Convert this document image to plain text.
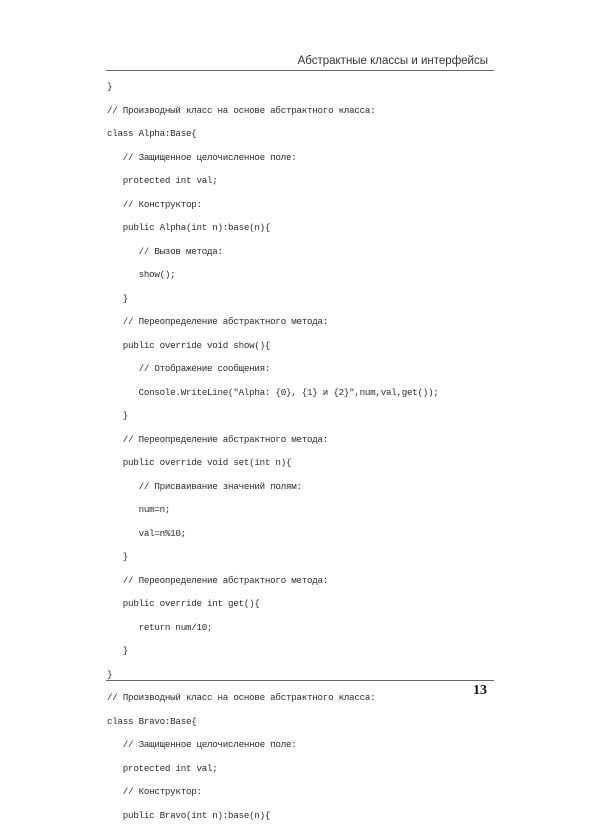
Абстрактные классы и интерфейсы
}
// Производный класс на основе абстрактного класса:
class Alpha:Base{
// Защищенное целочисленное поле:
protected int val;
// Конструктор:
public Alpha(int n):base(n){
// Вызов метода:
show();
}
// Переопределение абстрактного метода:
public override void show(){
// Отображение сообщения:
Console.WriteLine("Alpha: {0}, {1} и {2}",num,val,get());
}
// Переопределение абстрактного метода:
public override void set(int n){
// Присваивание значений полям:
num=n;
val=n%10;
}
// Переопределение абстрактного метода:
public override int get(){
return num/10;
}
}
// Производный класс на основе абстрактного класса:
class Bravo:Base{
// Защищенное целочисленное поле:
protected int val;
// Конструктор:
public Bravo(int n):base(n){
13
